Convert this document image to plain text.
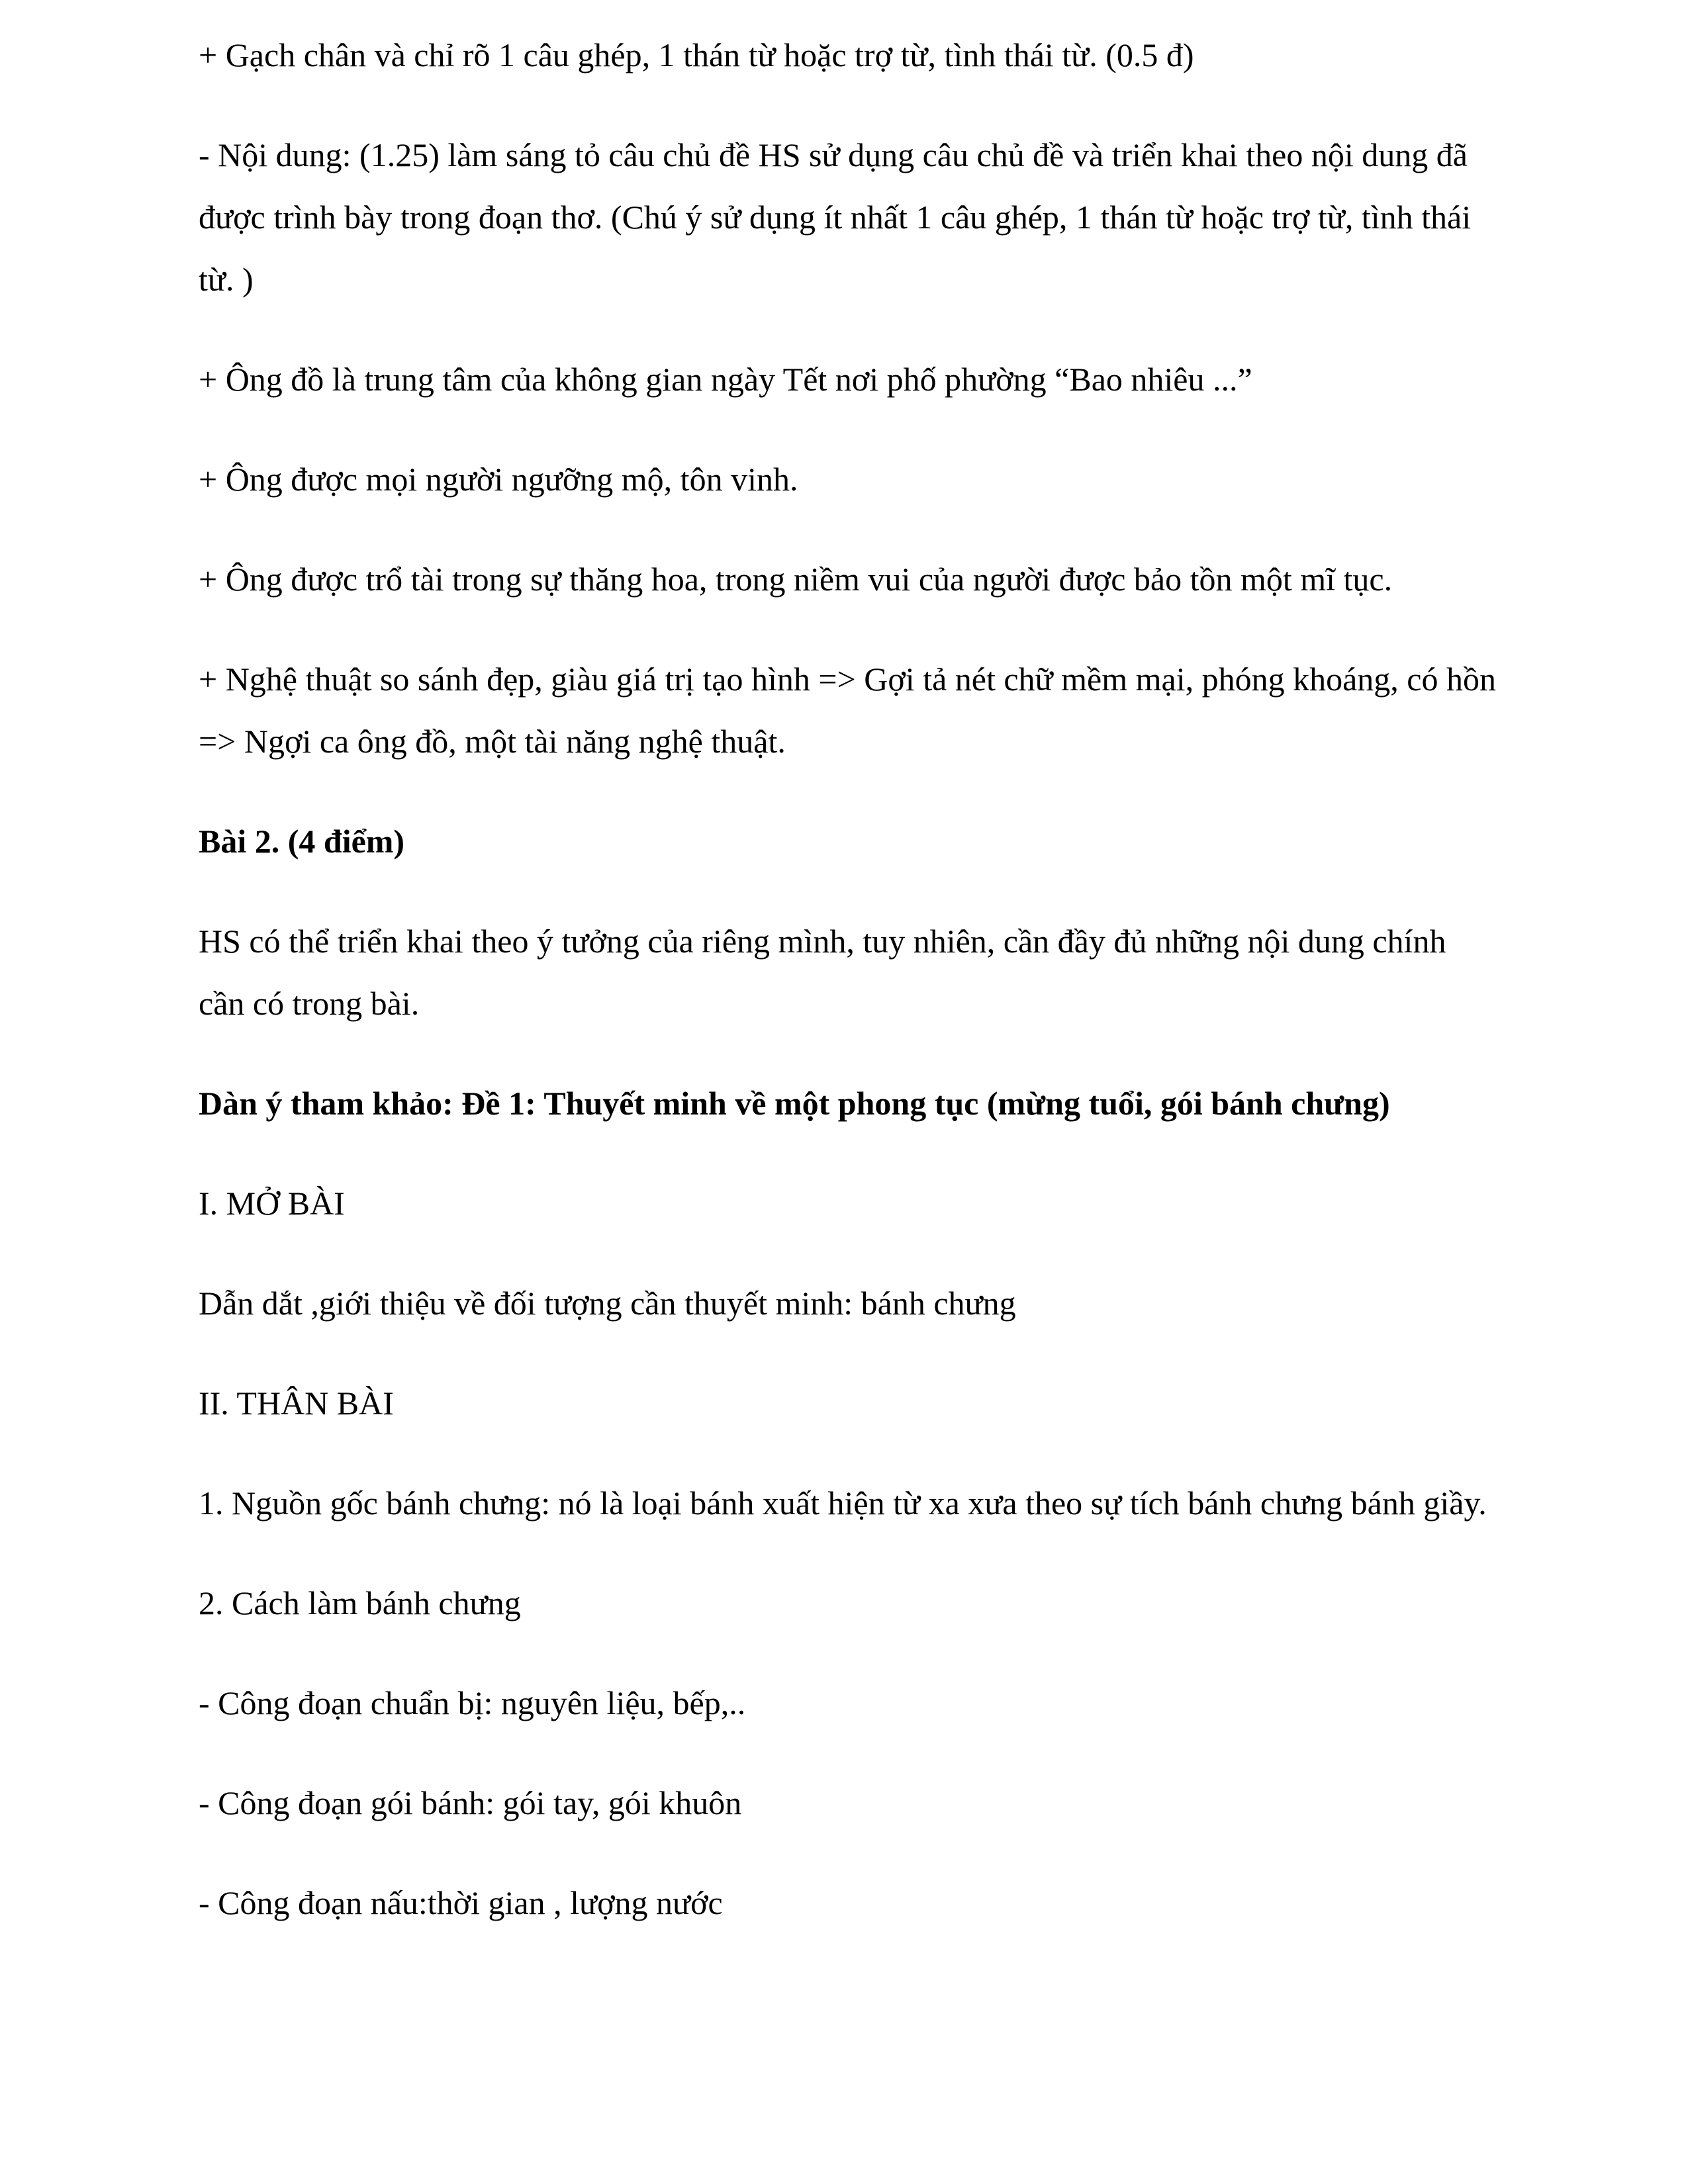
+ Gạch chân và chỉ rõ 1 câu ghép, 1 thán từ hoặc trợ từ, tình thái từ. (0.5 đ)

- Nội dung: (1.25) làm sáng tỏ câu chủ đề HS sử dụng câu chủ đề và triển khai theo nội dung đã được trình bày trong đoạn thơ. (Chú ý sử dụng ít nhất 1 câu ghép, 1 thán từ hoặc trợ từ, tình thái từ. )

+ Ông đồ là trung tâm của không gian ngày Tết nơi phố phường “Bao nhiêu ...”

+ Ông được mọi người ngưỡng mộ, tôn vinh.

+ Ông được trổ tài trong sự thăng hoa, trong niềm vui của người được bảo tồn một mĩ tục.

+ Nghệ thuật so sánh đẹp, giàu giá trị tạo hình => Gợi tả nét chữ mềm mại, phóng khoáng, có hồn => Ngợi ca ông đồ, một tài năng nghệ thuật.

Bài 2. (4 điểm)

HS có thể triển khai theo ý tưởng của riêng mình, tuy nhiên, cần đầy đủ những nội dung chính cần có trong bài.

Dàn ý tham khảo: Đề 1: Thuyết minh về một phong tục (mừng tuổi, gói bánh chưng)

I. MỞ BÀI

Dẫn dắt ,giới thiệu về đối tượng cần thuyết minh: bánh chưng

II. THÂN BÀI

1. Nguồn gốc bánh chưng: nó là loại bánh xuất hiện từ xa xưa theo sự tích bánh chưng bánh giầy.

2. Cách làm bánh chưng

- Công đoạn chuẩn bị: nguyên liệu, bếp,..

- Công đoạn gói bánh: gói tay, gói khuôn

- Công đoạn nấu:thời gian , lượng nước
